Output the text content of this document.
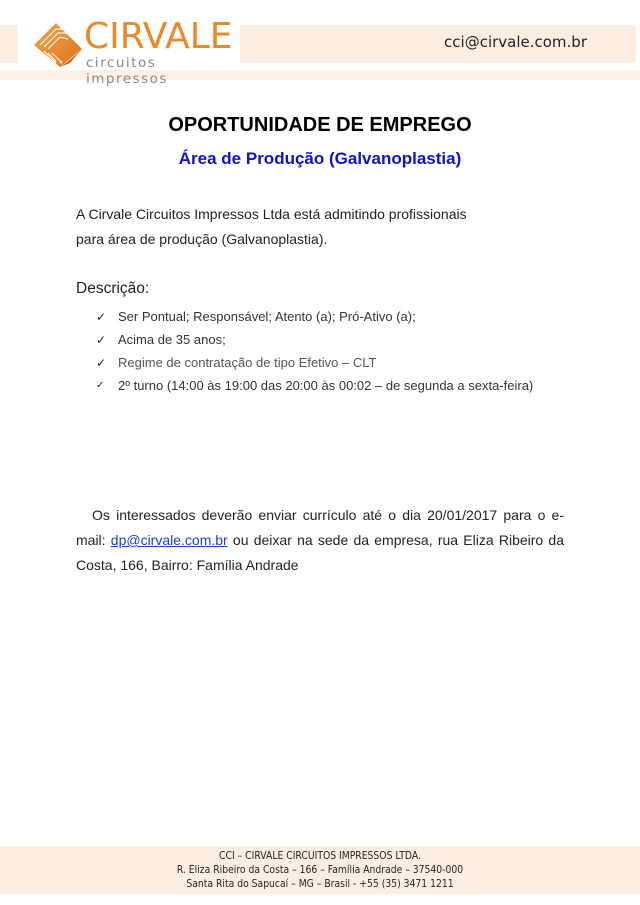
CIRVALE
circuitos impressos
cci@cirvale.com.br
OPORTUNIDADE DE EMPREGO
Área de Produção (Galvanoplastia)
A Cirvale Circuitos Impressos Ltda está admitindo profissionais
para área de produção (Galvanoplastia).
Descrição:
✓ Ser Pontual; Responsável; Atento (a); Pró-Ativo (a);
✓ Acima de 35 anos;
✓ Regime de contratação de tipo Efetivo – CLT
✓	2º turno (14:00 às 19:00 das 20:00 às 00:02 – de segunda a sexta-feira)
Os interessados deverão enviar currículo até o dia 20/01/2017 para o e-mail: dp@cirvale.com.br ou deixar na sede da empresa, rua Eliza Ribeiro da Costa, 166, Bairro: Família Andrade
CCI – CIRVALE CIRCUITOS IMPRESSOS LTDA.
R. Eliza Ribeiro da Costa – 166 – Família Andrade – 37540-000
Santa Rita do Sapucaí – MG – Brasil - +55 (35) 3471 1211
